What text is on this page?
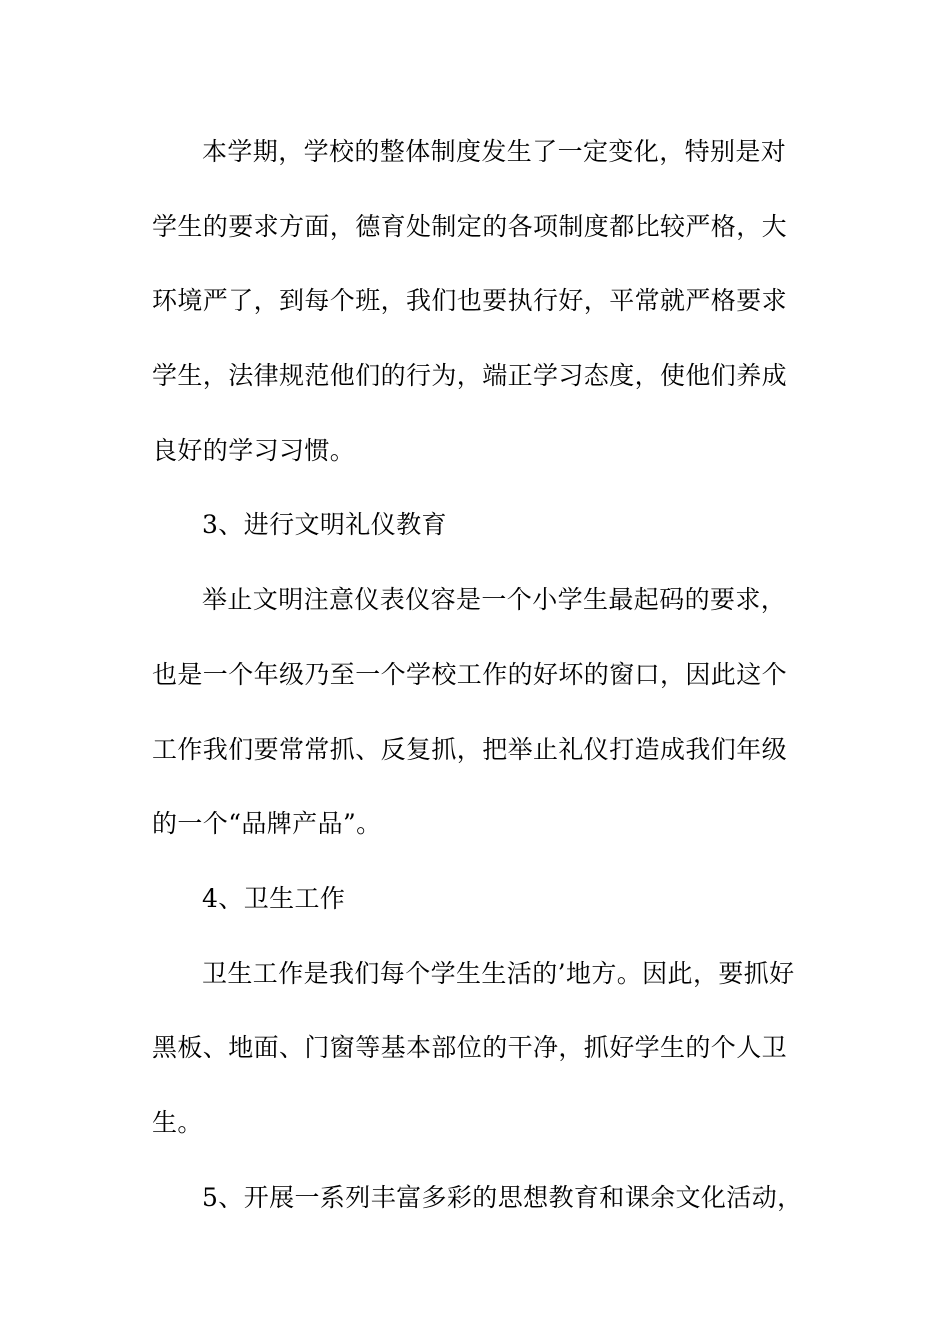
本学期，学校的整体制度发生了一定变化，特别是对
学生的要求方面，德育处制定的各项制度都比较严格，大
环境严了，到每个班，我们也要执行好，平常就严格要求
学生，法律规范他们的行为，端正学习态度，使他们养成
良好的学习习惯。
3、进行文明礼仪教育
举止文明注意仪表仪容是一个小学生最起码的要求，
也是一个年级乃至一个学校工作的好坏的窗口，因此这个
工作我们要常常抓、反复抓，把举止礼仪打造成我们年级
的一个“品牌产品”。
4、卫生工作
卫生工作是我们每个学生生活的’地方。因此，要抓好
黑板、地面、门窗等基本部位的干净，抓好学生的个人卫
生。
5、开展一系列丰富多彩的思想教育和课余文化活动，
